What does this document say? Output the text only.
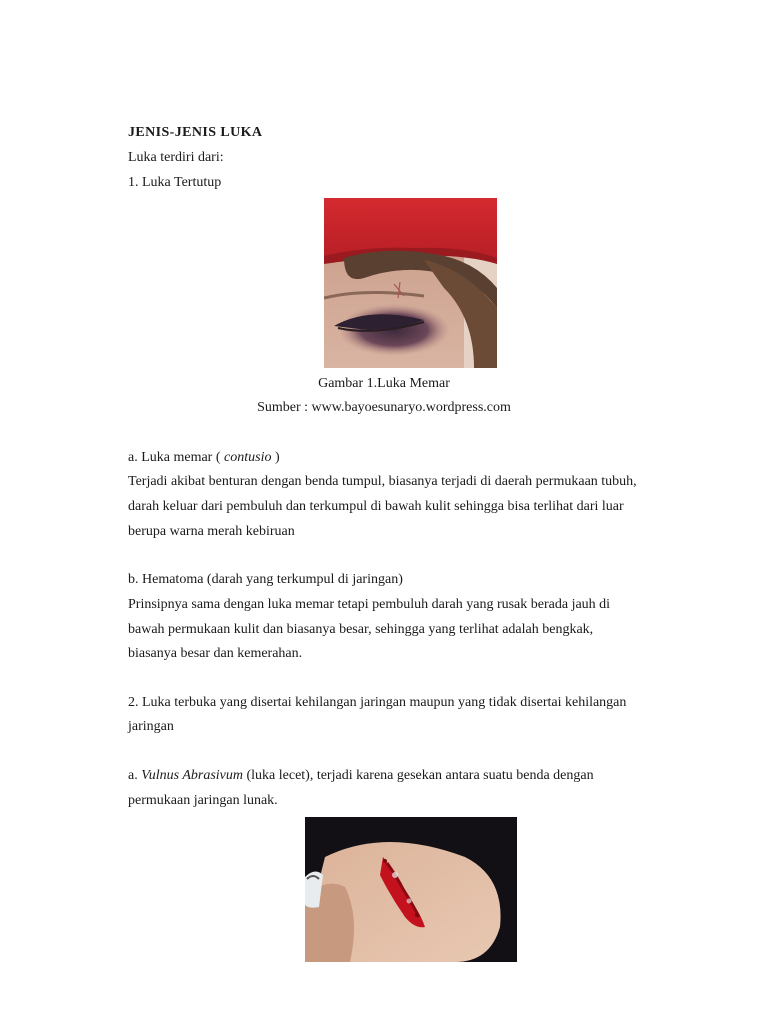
JENIS-JENIS LUKA
Luka terdiri dari:
1. Luka Tertutup
Gambar 1.Luka Memar
Sumber : www.bayoesunaryo.wordpress.com
a. Luka memar ( contusio )
Terjadi akibat benturan dengan benda tumpul, biasanya terjadi di daerah permukaan tubuh,
darah keluar dari pembuluh dan terkumpul di bawah kulit sehingga bisa terlihat dari luar
berupa warna merah kebiruan
b. Hematoma (darah yang terkumpul di jaringan)
Prinsipnya sama dengan luka memar tetapi pembuluh darah yang rusak berada jauh di
bawah permukaan kulit dan biasanya besar, sehingga yang terlihat adalah bengkak,
biasanya besar dan kemerahan.
2. Luka terbuka yang disertai kehilangan jaringan maupun yang tidak disertai kehilangan
jaringan
a. Vulnus Abrasivum (luka lecet), terjadi karena gesekan antara suatu benda dengan
permukaan jaringan lunak.
